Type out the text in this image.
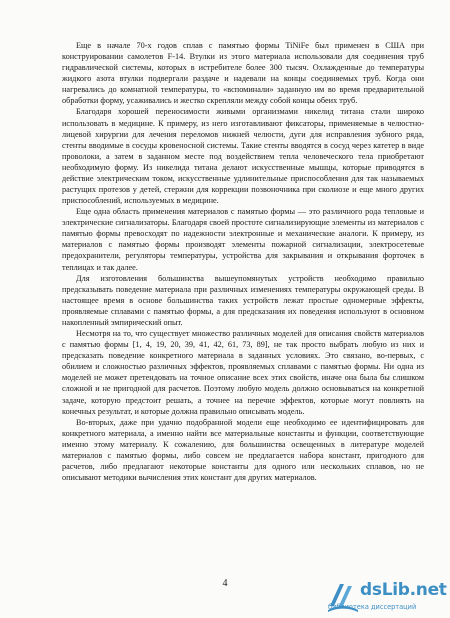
Еще в начале 70-х годов сплав с памятью формы TiNiFe был применен в США при конструировании самолетов F-14. Втулки из этого материала использовали для соединения труб гидравлической системы, которых в истребителе более 300 тысяч. Охлажденные до температуры жидкого азота втулки подвергали раздаче и надевали на концы соединяемых труб. Когда они нагревались до комнатной температуры, то «вспоминали» заданную им во время предварительной обработки форму, усаживались и жестко скрепляли между собой концы обеих труб.

Благодаря хорошей переносимости живыми организмами никелид титана стали широко использовать в медицине. К примеру, из него изготавливают фиксаторы, применяемые в челюстно-лицевой хирургии для лечения переломов нижней челюсти, дуги для исправления зубного ряда, стенты вводимые в сосуды кровеносной системы. Такие стенты вводятся в сосуд через катетер в виде проволоки, а затем в заданном месте под воздействием тепла человеческого тела приобретают необходимую форму. Из никелида титана делают искусственные мышцы, которые приводятся в действие электрическим током, искусственные удлинительные приспособления для так называемых растущих протезов у детей, стержни для коррекции позвоночника при сколиозе и еще много других приспособлений, используемых в медицине.

Еще одна область применения материалов с памятью формы — это различного рода тепловые и электрические сигнализаторы. Благодаря своей простоте сигнализирующие элементы из материалов с памятью формы превосходят по надежности электронные и механические аналоги. К примеру, из материалов с памятью формы производят элементы пожарной сигнализации, электросетевые предохранители, регуляторы температуры, устройства для закрывания и открывания форточек в теплицах и так далее.

Для изготовления большинства вышеупомянутых устройств необходимо правильно предсказывать поведение материала при различных изменениях температуры окружающей среды. В настоящее время в основе большинства таких устройств лежат простые одномерные эффекты, проявляемые сплавами с памятью формы, а для предсказания их поведения используют в основном накопленный эмпирический опыт.

Несмотря на то, что существует множество различных моделей для описания свойств материалов с памятью формы [1, 4, 19, 20, 39, 41, 42, 61, 73, 89], не так просто выбрать любую из них и предсказать поведение конкретного материала в заданных условиях. Это связано, во-первых, с обилием и сложностью различных эффектов, проявляемых сплавами с памятью формы. Ни одна из моделей не может претендовать на точное описание всех этих свойств, иначе она была бы слишком сложной и не пригодной для расчетов. Поэтому любую модель должно основываться на конкретной задаче, которую предстоит решать, а точнее на перечне эффектов, которые могут повлиять на конечных результат, и которые должна правильно описывать модель.

Во-вторых, даже при удачно подобранной модели еще необходимо ее идентифицировать для конкретного материала, а именно найти все материальные константы и функции, соответствующие именно этому материалу. К сожалению, для большинства освещенных в литературе моделей материалов с памятью формы, либо совсем не предлагается набора констант, пригодного для расчетов, либо предлагают некоторые константы для одного или нескольких сплавов, но не описывают методики вычисления этих констант для других материалов.

4	dsLib.net
библиотека диссертаций
